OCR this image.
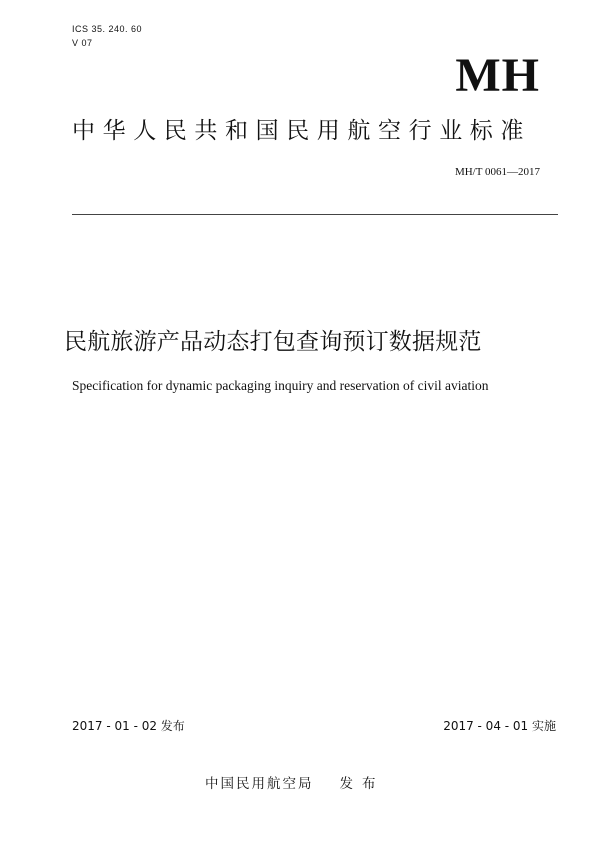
ICS 35. 240. 60
V 07
MH
中华人民共和国民用航空行业标准
MH/T 0061—2017
民航旅游产品动态打包查询预订数据规范
Specification for dynamic packaging inquiry and reservation of civil aviation
2017 - 01 - 02 发布	2017 - 04 - 01 实施
中国民用航空局 发布
